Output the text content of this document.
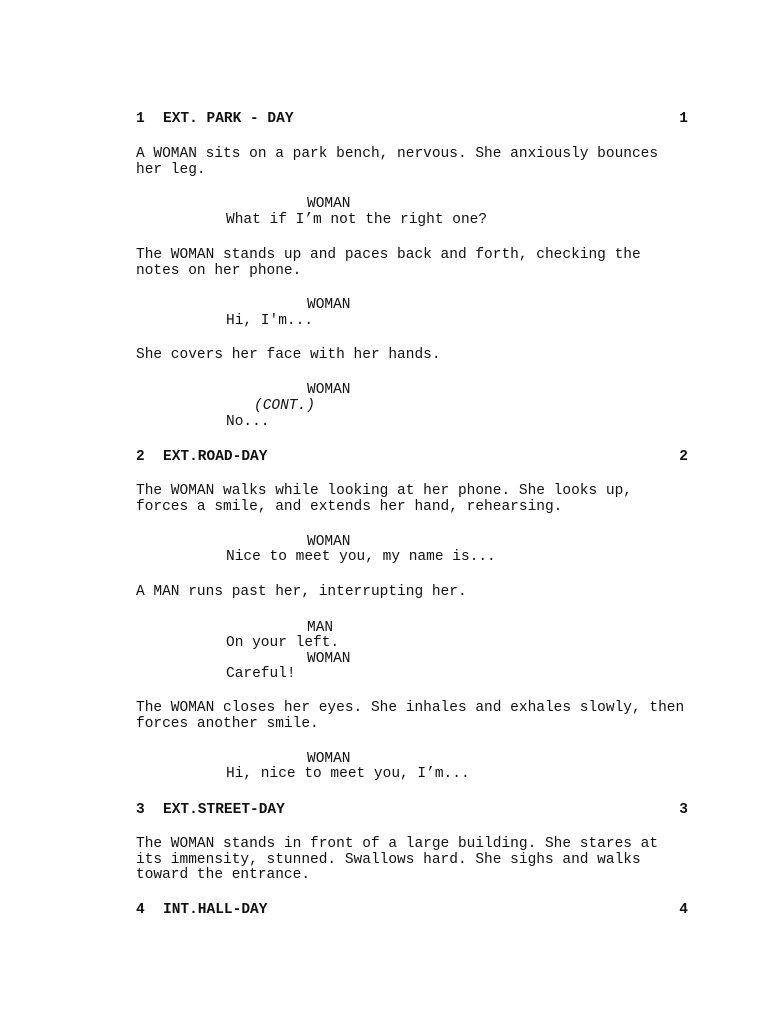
1 EXT. PARK - DAY	1
A WOMAN sits on a park bench, nervous. She anxiously bounces her leg.
WOMAN
What if I’m not the right one?
The WOMAN stands up and paces back and forth, checking the notes on her phone.
WOMAN
Hi, I'm...
She covers her face with her hands.
WOMAN
(CONT.)
No...
2 EXT.ROAD-DAY	2
The WOMAN walks while looking at her phone. She looks up, forces a smile, and extends her hand, rehearsing.
WOMAN
Nice to meet you, my name is...
A MAN runs past her, interrupting her.
MAN
On your left.
WOMAN
Careful!
The WOMAN closes her eyes. She inhales and exhales slowly, then forces another smile.
WOMAN
Hi, nice to meet you, I’m...
3 EXT.STREET-DAY	3
The WOMAN stands in front of a large building. She stares at its immensity, stunned. Swallows hard. She sighs and walks toward the entrance.
4 INT.HALL-DAY	4
